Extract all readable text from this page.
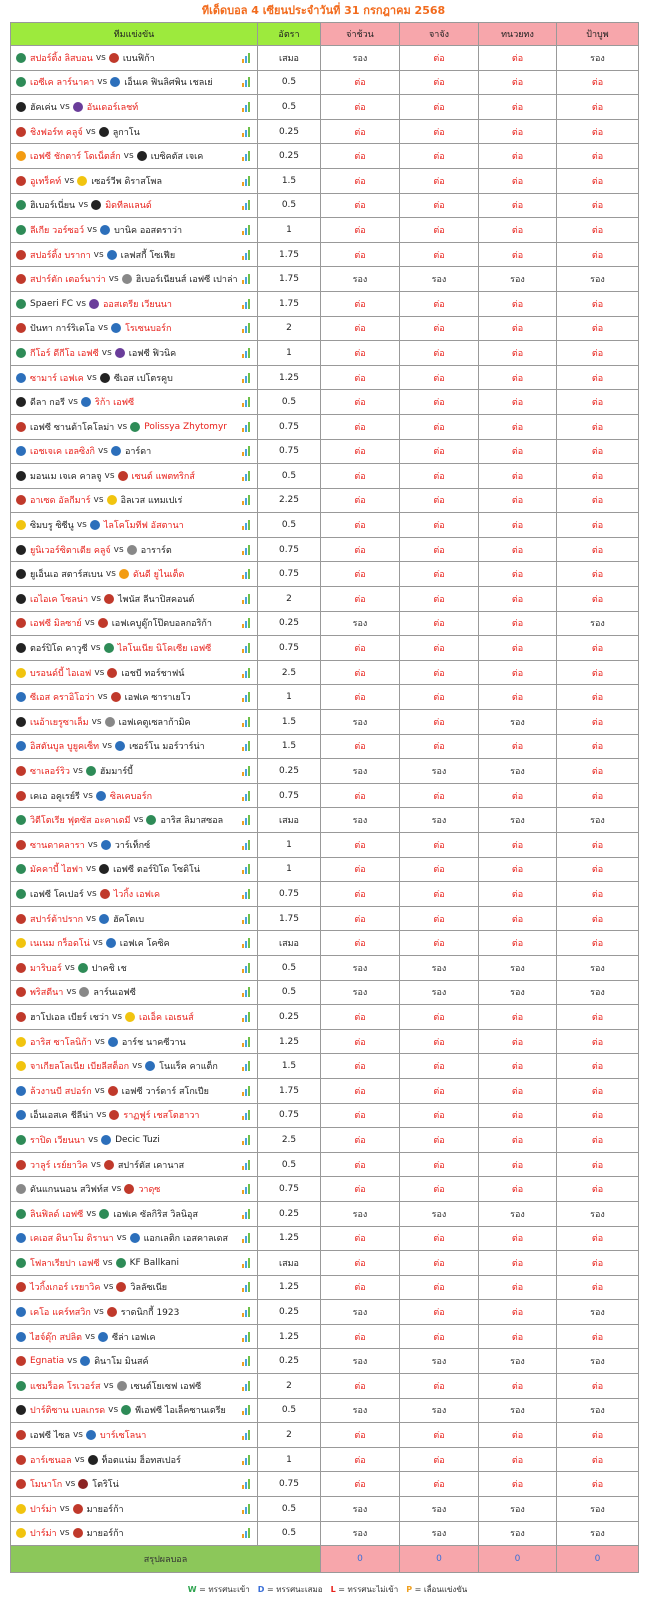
ทีเด็ดบอล 4 เซียนประจำวันที่ 31 กรกฎาคม 2568
ทีมแข่งขัน	อัตรา	จ่าช้วน	จาจัง	ทนวยทง	ป้าบูพ

สปอร์ติ้ง ลิสบอน vs เบนฟิก้า	เสมอ	รอง	ต่อ	ต่อ	รอง

เอซีเค ลาร์นาคา vs เอ็นเค ฟินลิศพิน เชลเย่	0.5	ต่อ	ต่อ	ต่อ	ต่อ

ฮัคเค่น vs อันเดอร์เลชท์	0.5	ต่อ	ต่อ	ต่อ	ต่อ

ชิงฟอร์ท คลูจ์ vs ลูกาโน	0.25	ต่อ	ต่อ	ต่อ	ต่อ

เอฟซี ชักตาร์ โดเน็ตส์ก vs เบซิคตัส เจเค	0.25	ต่อ	ต่อ	ต่อ	ต่อ

อูเทร็คท์ vs เซอร์วีพ ดิราสโพล	1.5	ต่อ	ต่อ	ต่อ	ต่อ

ฮิเบอร์เนี่ยน vs มิดทีลแลนด์	0.5	ต่อ	ต่อ	ต่อ	ต่อ

ลีเกีย วอร์ซอว์ vs บานิค ออสตราว่า	1	ต่อ	ต่อ	ต่อ	ต่อ

สปอร์ติ้ง บรากา vs เลฟสกี้ โซเฟีย	1.75	ต่อ	ต่อ	ต่อ	ต่อ

สปาร์ตัก เตอร์นาว่า vs ฮิเบอร์เนียนส์ เอฟซี เปาล่า	1.75	รอง	รอง	รอง	รอง

Spaeri FC vs ออสเตรีย เวียนนา	1.75	ต่อ	ต่อ	ต่อ	ต่อ

ปันทา การ์ริเดโอ vs โรเซนบอร์ก	2	ต่อ	ต่อ	ต่อ	ต่อ

กีโอร์ ดีกีโอ เอฟซี vs เอฟซี ฟิวนิค	1	ต่อ	ต่อ	ต่อ	ต่อ

ซามาร์ เอฟเค vs ซีเอส เปโตรคูบ	1.25	ต่อ	ต่อ	ต่อ	ต่อ

ดีลา กอรี vs ริก้า เอฟซี	0.5	ต่อ	ต่อ	ต่อ	ต่อ

เอฟซี ซานต้าโคโลม่า vs Polissya Zhytomyr	0.75	ต่อ	ต่อ	ต่อ	ต่อ

เอชเจเค เฮลซิงกิ vs อาร์ดา	0.75	ต่อ	ต่อ	ต่อ	ต่อ

มอนเม เจเค คาลจู vs เซนต์ แพตทริกส์	0.5	ต่อ	ต่อ	ต่อ	ต่อ

อาเซด อัลกีมาร์ vs อิลเวส แทมเปเร่	2.25	ต่อ	ต่อ	ต่อ	ต่อ

ซิมบรู ซิซีนู vs ไลโคโมทีฟ อัสตานา	0.5	ต่อ	ต่อ	ต่อ	ต่อ

ยูนิเวอร์ซิตาเตีย คลูจ์ vs อาราร์ต	0.75	ต่อ	ต่อ	ต่อ	ต่อ

ยูเอ็นเอ สตาร์สเบน vs ดันดี ยูไนเต็ด	0.75	ต่อ	ต่อ	ต่อ	ต่อ

เอไอเค โซลน่า vs ไพนัส ลีนาปิสคอนต์	2	ต่อ	ต่อ	ต่อ	ต่อ

เอฟซี มิลซาย์ vs เอฟเคบูดู๊กโป๊ดบอลกอริก้า	0.25	รอง	ต่อ	ต่อ	รอง

ตอร์ปิโด คาวูซี vs ไลโนเนีย นิโคเซีย เอฟซี	0.75	ต่อ	ต่อ	ต่อ	ต่อ

บรอนด์บี้ ไอเอฟ vs เอชบี ทอร์ชาฟน์	2.5	ต่อ	ต่อ	ต่อ	ต่อ

ซีเอส คราอิโอว่า vs เอฟเค ซาราเยโว	1	ต่อ	ต่อ	ต่อ	ต่อ

เนอ้าเยรูซาเล็ม vs เอฟเคตูเซลาก้ามิค	1.5	รอง	ต่อ	รอง	ต่อ

อิสตันบูล บูยูคเซ็ท vs เซอร์โน มอร์วาร์น่า	1.5	ต่อ	ต่อ	ต่อ	ต่อ

ซาเลอร์ริว vs ฮัมมาร์บี้	0.25	รอง	รอง	รอง	ต่อ

เคเอ อคูเรย์รี vs ซิลเคบอร์ก	0.75	ต่อ	ต่อ	ต่อ	ต่อ

วิตีโตเรีย ฟุตซัส อะคาเดมี vs อาริส ลิมาสซอล	เสมอ	รอง	รอง	รอง	รอง

ซานดาคลารา vs วาร์เท็กซ์	1	ต่อ	ต่อ	ต่อ	ต่อ

มัคคาบี้ ไฮฟา vs เอฟซี ตอร์ปิโด โซดิโน่	1	ต่อ	ต่อ	ต่อ	ต่อ

เอฟซี โคเปอร์ vs ไวกิ้ง เอฟเค	0.75	ต่อ	ต่อ	ต่อ	ต่อ

สปาร์ต้าปราก vs ฮัคโตเบ	1.75	ต่อ	ต่อ	ต่อ	ต่อ

เนเนม กร็อดโน่ vs เอฟเค โคซิค	เสมอ	ต่อ	ต่อ	ต่อ	ต่อ

มาริบอร์ vs ปาคชิ เช	0.5	รอง	รอง	รอง	รอง

พริสตีนา vs ลาร์นเอฟซี	0.5	รอง	รอง	รอง	รอง

ฮาโปเอล เบียร์ เชว่า vs เอเอ็ค เอเธนส์	0.25	ต่อ	ต่อ	ต่อ	ต่อ

อาริส ซาโลนิก้า vs อาร์ช นาคซีวาน	1.25	ต่อ	ต่อ	ต่อ	ต่อ

จาเกียลโลเนีย เบียลีสต็อก vs โนแร็ค คาแต็ก	1.5	ต่อ	ต่อ	ต่อ	ต่อ

ล้วงานบี สปอร์ก vs เอฟซี วาร์ดาร์ สโกเปีย	1.75	ต่อ	ต่อ	ต่อ	ต่อ

เอ็นเอสเค ชีลีน่า vs ราฏฟูร์ เชสโตฮาวา	0.75	ต่อ	ต่อ	ต่อ	ต่อ

ราปิด เวียนนา vs Decic Tuzi	2.5	ต่อ	ต่อ	ต่อ	ต่อ

วาลูร์ เรย์ยาวิค vs สปาร์ตัส เคานาส	0.5	ต่อ	ต่อ	ต่อ	ต่อ

ดันแกนนอน สวิฟท์ส vs วาดุซ	0.75	ต่อ	ต่อ	ต่อ	ต่อ

ลินฟิลด์ เอฟซี vs เอฟเค ซัลกิริส วิลนิอุส	0.25	รอง	รอง	รอง	รอง

เคเอส ดินาโม ดิรานา vs แอกเลติก เอสคาลเดส	1.25	ต่อ	ต่อ	ต่อ	ต่อ

โฟลาเรียปา เอฟซี vs KF Ballkani	เสมอ	ต่อ	ต่อ	ต่อ	ต่อ

ไวกิ้งเกอร์ เรยาวิค vs วิลลัซเนีย	1.25	ต่อ	ต่อ	ต่อ	ต่อ

เคโอ แคร์ทสวิก vs ราดนิกกี้ 1923	0.25	รอง	ต่อ	ต่อ	รอง

ไฮจ์ดุ๊ก สปลิต vs ซีล่า เอฟเค	1.25	ต่อ	ต่อ	ต่อ	ต่อ

Egnatia vs ดินาโม มินสค์	0.25	รอง	รอง	รอง	รอง

แชมร็อค โรเวอร์ส vs เซนต์โยเซฟ เอฟซี	2	ต่อ	ต่อ	ต่อ	ต่อ

ปาร์ติซาน เบลเกรด vs พีเอฟซี ไอเล็คซานเดรีย	0.5	รอง	รอง	รอง	รอง

เอฟซี ไซล vs บาร์เซโลนา	2	ต่อ	ต่อ	ต่อ	ต่อ

อาร์เซนอล vs ท็อตแน่ม ฮ็อทสเปอร์	1	ต่อ	ต่อ	ต่อ	ต่อ

โมนาโก vs โตริโน่	0.75	ต่อ	ต่อ	ต่อ	ต่อ

ปาร์ม่า vs มายอร์ก้า	0.5	รอง	รอง	รอง	รอง

ปาร์ม่า vs มายอร์ก้า	0.5	รอง	รอง	รอง	รอง
สรุปผลบอล		0	0	0	0
W = ทรรศนะเข้า D = ทรรศนะเสมอ L = ทรรศนะไม่เข้า P = เลื่อนแข่งขัน
